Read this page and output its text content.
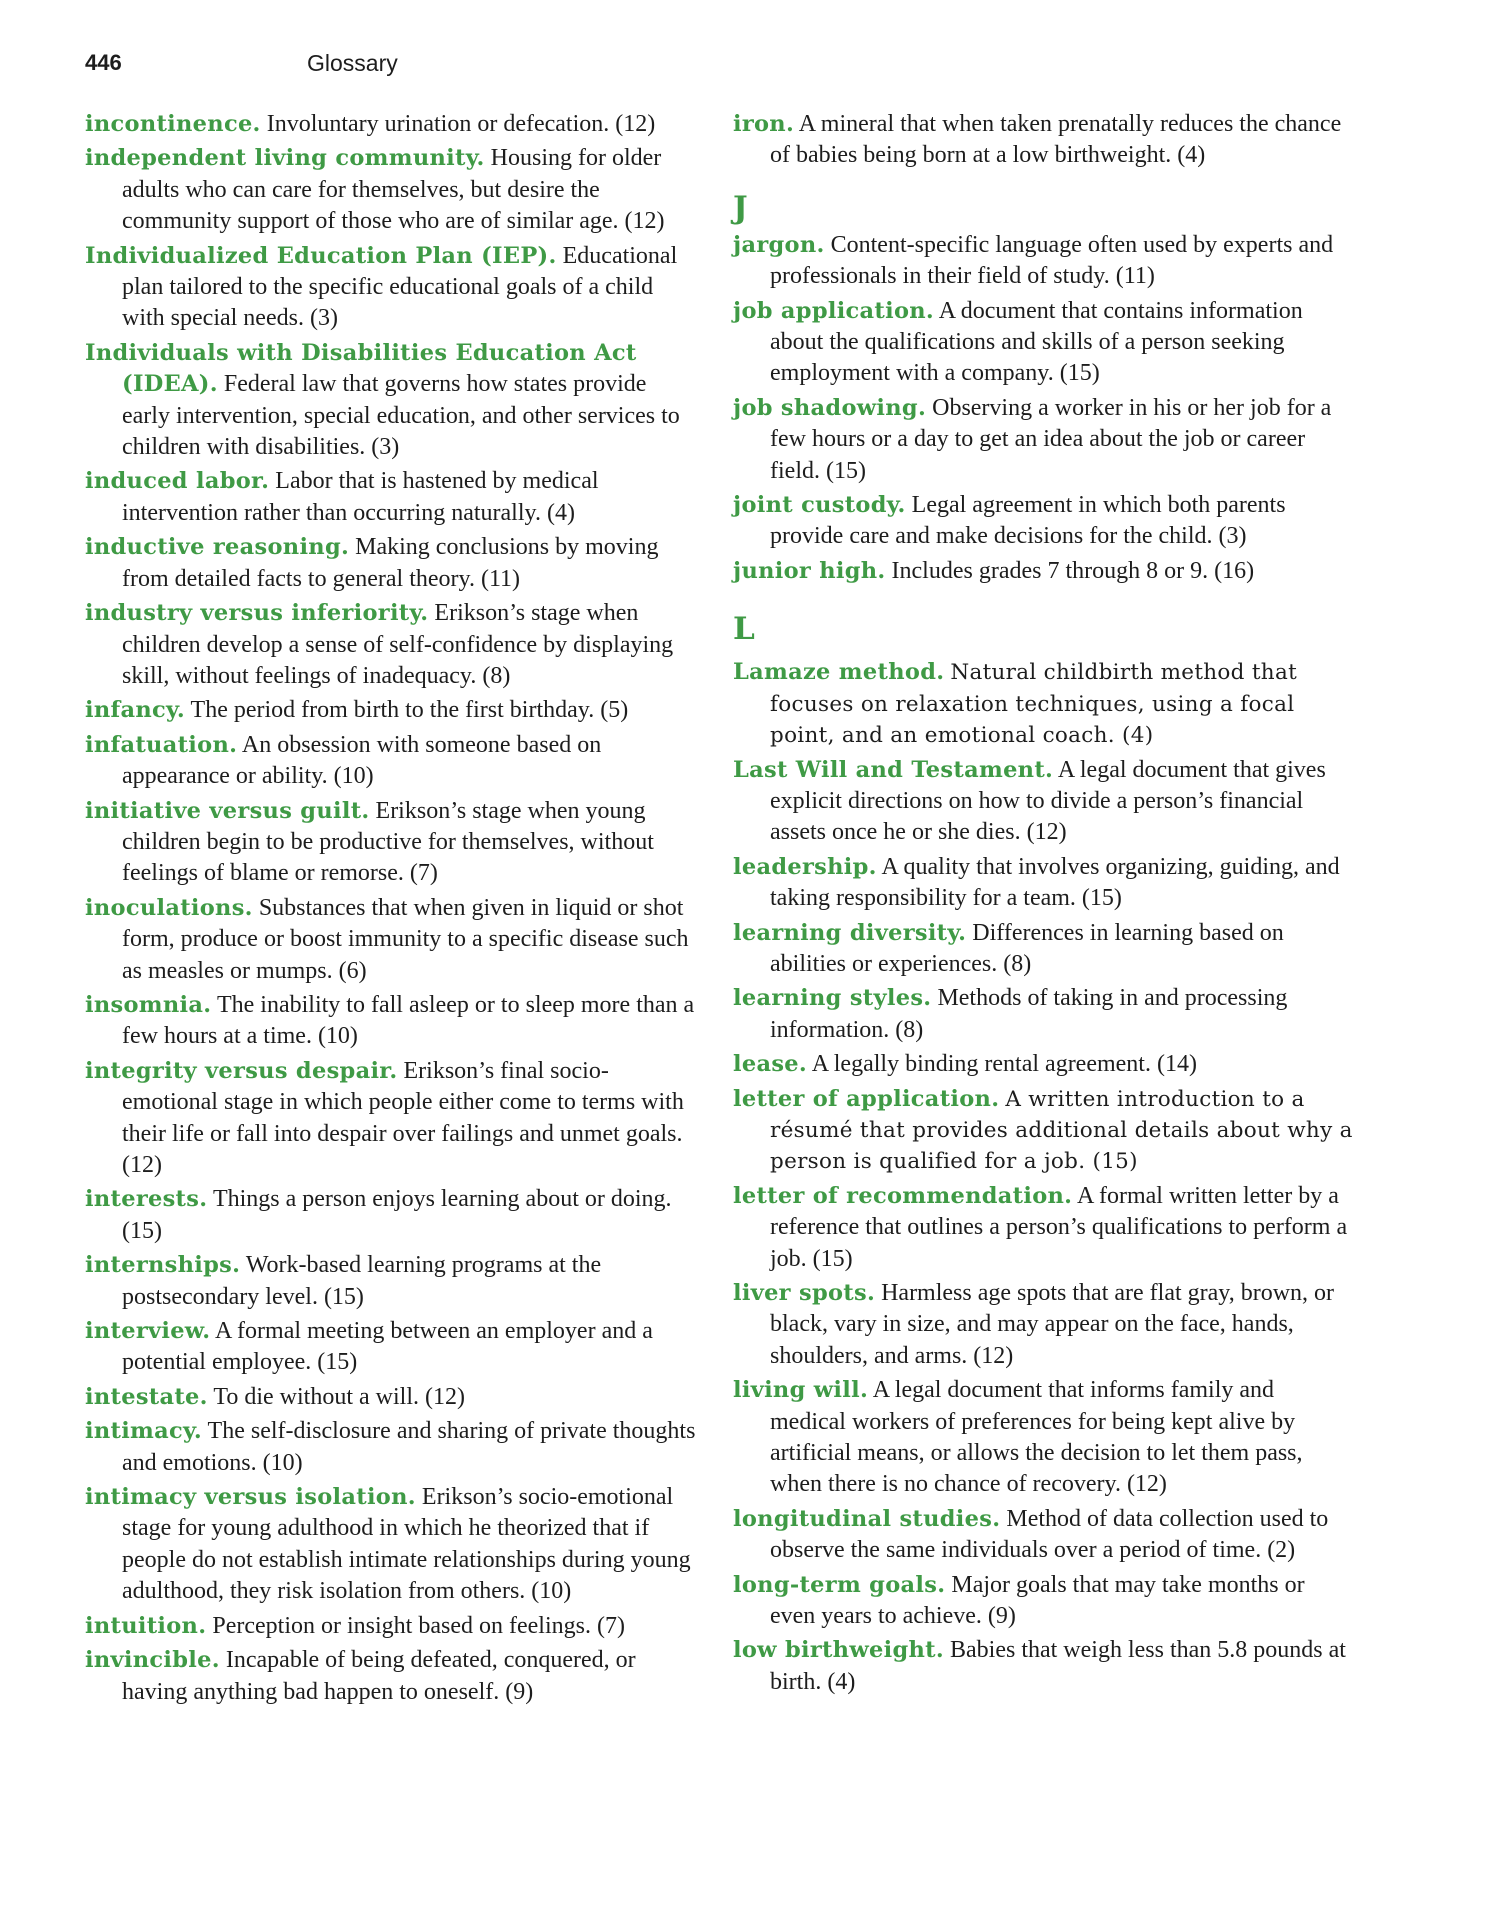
446	Glossary
incontinence. Involuntary urination or defecation. (12)
independent living community. Housing for older adults who can care for themselves, but desire the community support of those who are of similar age. (12)
Individualized Education Plan (IEP). Educational plan tailored to the specific educational goals of a child with special needs. (3)
Individuals with Disabilities Education Act (IDEA). Federal law that governs how states provide early intervention, special education, and other services to children with disabilities. (3)
induced labor. Labor that is hastened by medical intervention rather than occurring naturally. (4)
inductive reasoning. Making conclusions by moving from detailed facts to general theory. (11)
industry versus inferiority. Erikson’s stage when children develop a sense of self-confidence by displaying skill, without feelings of inadequacy. (8)
infancy. The period from birth to the first birthday. (5)
infatuation. An obsession with someone based on appearance or ability. (10)
initiative versus guilt. Erikson’s stage when young children begin to be productive for themselves, without feelings of blame or remorse. (7)
inoculations. Substances that when given in liquid or shot form, produce or boost immunity to a specific disease such as measles or mumps. (6)
insomnia. The inability to fall asleep or to sleep more than a few hours at a time. (10)
integrity versus despair. Erikson’s final socio-emotional stage in which people either come to terms with their life or fall into despair over failings and unmet goals. (12)
interests. Things a person enjoys learning about or doing. (15)
internships. Work-based learning programs at the postsecondary level. (15)
interview. A formal meeting between an employer and a potential employee. (15)
intestate. To die without a will. (12)
intimacy. The self-disclosure and sharing of private thoughts and emotions. (10)
intimacy versus isolation. Erikson’s socio-emotional stage for young adulthood in which he theorized that if people do not establish intimate relationships during young adulthood, they risk isolation from others. (10)
intuition. Perception or insight based on feelings. (7)
invincible. Incapable of being defeated, conquered, or having anything bad happen to oneself. (9)
iron. A mineral that when taken prenatally reduces the chance of babies being born at a low birthweight. (4)
J
jargon. Content-specific language often used by experts and professionals in their field of study. (11)
job application. A document that contains information about the qualifications and skills of a person seeking employment with a company. (15)
job shadowing. Observing a worker in his or her job for a few hours or a day to get an idea about the job or career field. (15)
joint custody. Legal agreement in which both parents provide care and make decisions for the child. (3)
junior high. Includes grades 7 through 8 or 9. (16)
L
Lamaze method. Natural childbirth method that focuses on relaxation techniques, using a focal point, and an emotional coach. (4)
Last Will and Testament. A legal document that gives explicit directions on how to divide a person’s financial assets once he or she dies. (12)
leadership. A quality that involves organizing, guiding, and taking responsibility for a team. (15)
learning diversity. Differences in learning based on abilities or experiences. (8)
learning styles. Methods of taking in and processing information. (8)
lease. A legally binding rental agreement. (14)
letter of application. A written introduction to a résumé that provides additional details about why a person is qualified for a job. (15)
letter of recommendation. A formal written letter by a reference that outlines a person’s qualifications to perform a job. (15)
liver spots. Harmless age spots that are flat gray, brown, or black, vary in size, and may appear on the face, hands, shoulders, and arms. (12)
living will. A legal document that informs family and medical workers of preferences for being kept alive by artificial means, or allows the decision to let them pass, when there is no chance of recovery. (12)
longitudinal studies. Method of data collection used to observe the same individuals over a period of time. (2)
long-term goals. Major goals that may take months or even years to achieve. (9)
low birthweight. Babies that weigh less than 5.8 pounds at birth. (4)
